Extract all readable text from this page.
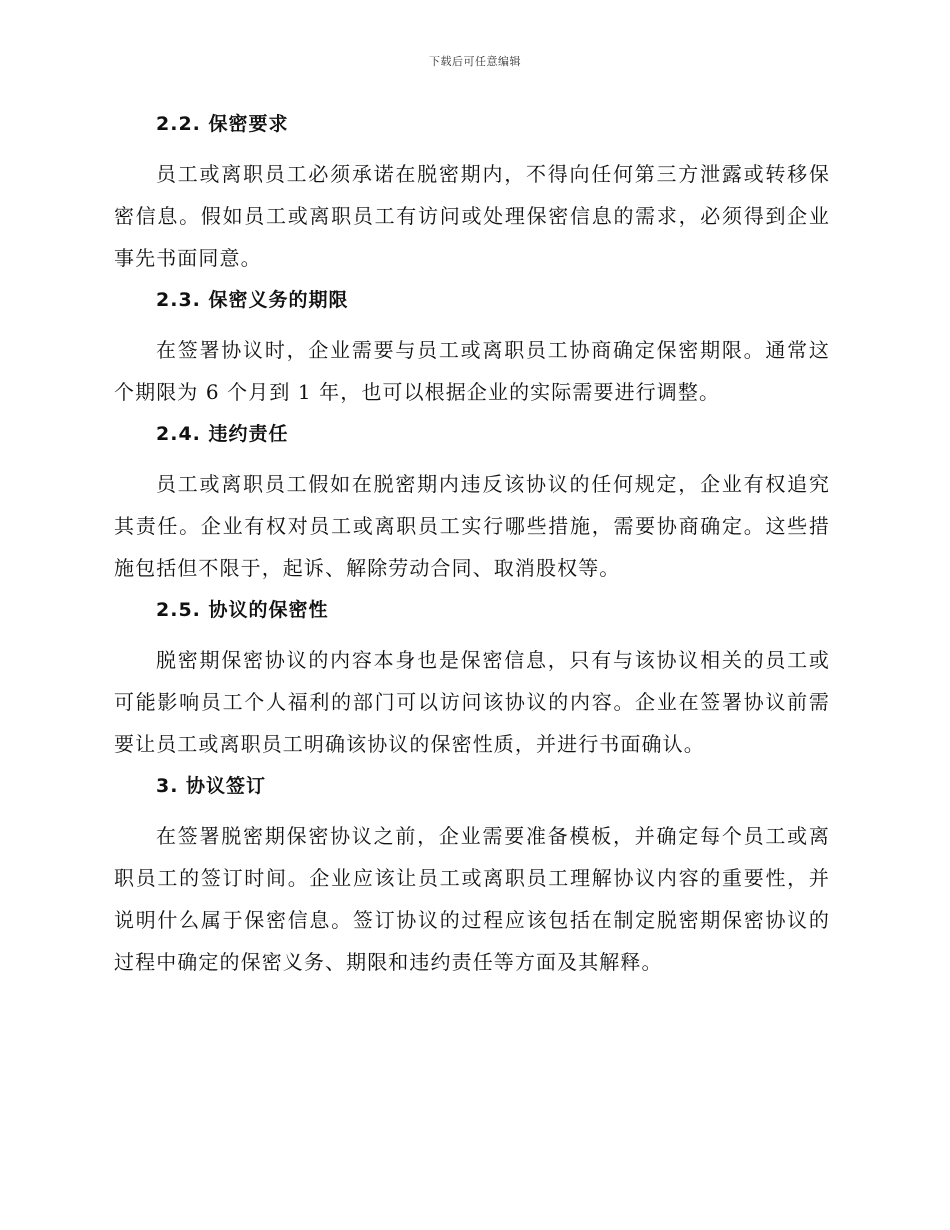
下载后可任意编辑
2.2. 保密要求

员工或离职员工必须承诺在脱密期内，不得向任何第三方泄露或转移保密信息。假如员工或离职员工有访问或处理保密信息的需求，必须得到企业事先书面同意。

2.3. 保密义务的期限

在签署协议时，企业需要与员工或离职员工协商确定保密期限。通常这个期限为 6 个月到 1 年，也可以根据企业的实际需要进行调整。

2.4. 违约责任

员工或离职员工假如在脱密期内违反该协议的任何规定，企业有权追究其责任。企业有权对员工或离职员工实行哪些措施，需要协商确定。这些措施包括但不限于，起诉、解除劳动合同、取消股权等。

2.5. 协议的保密性

脱密期保密协议的内容本身也是保密信息，只有与该协议相关的员工或可能影响员工个人福利的部门可以访问该协议的内容。企业在签署协议前需要让员工或离职员工明确该协议的保密性质，并进行书面确认。

3. 协议签订

在签署脱密期保密协议之前，企业需要准备模板，并确定每个员工或离职员工的签订时间。企业应该让员工或离职员工理解协议内容的重要性，并说明什么属于保密信息。签订协议的过程应该包括在制定脱密期保密协议的过程中确定的保密义务、期限和违约责任等方面及其解释。
